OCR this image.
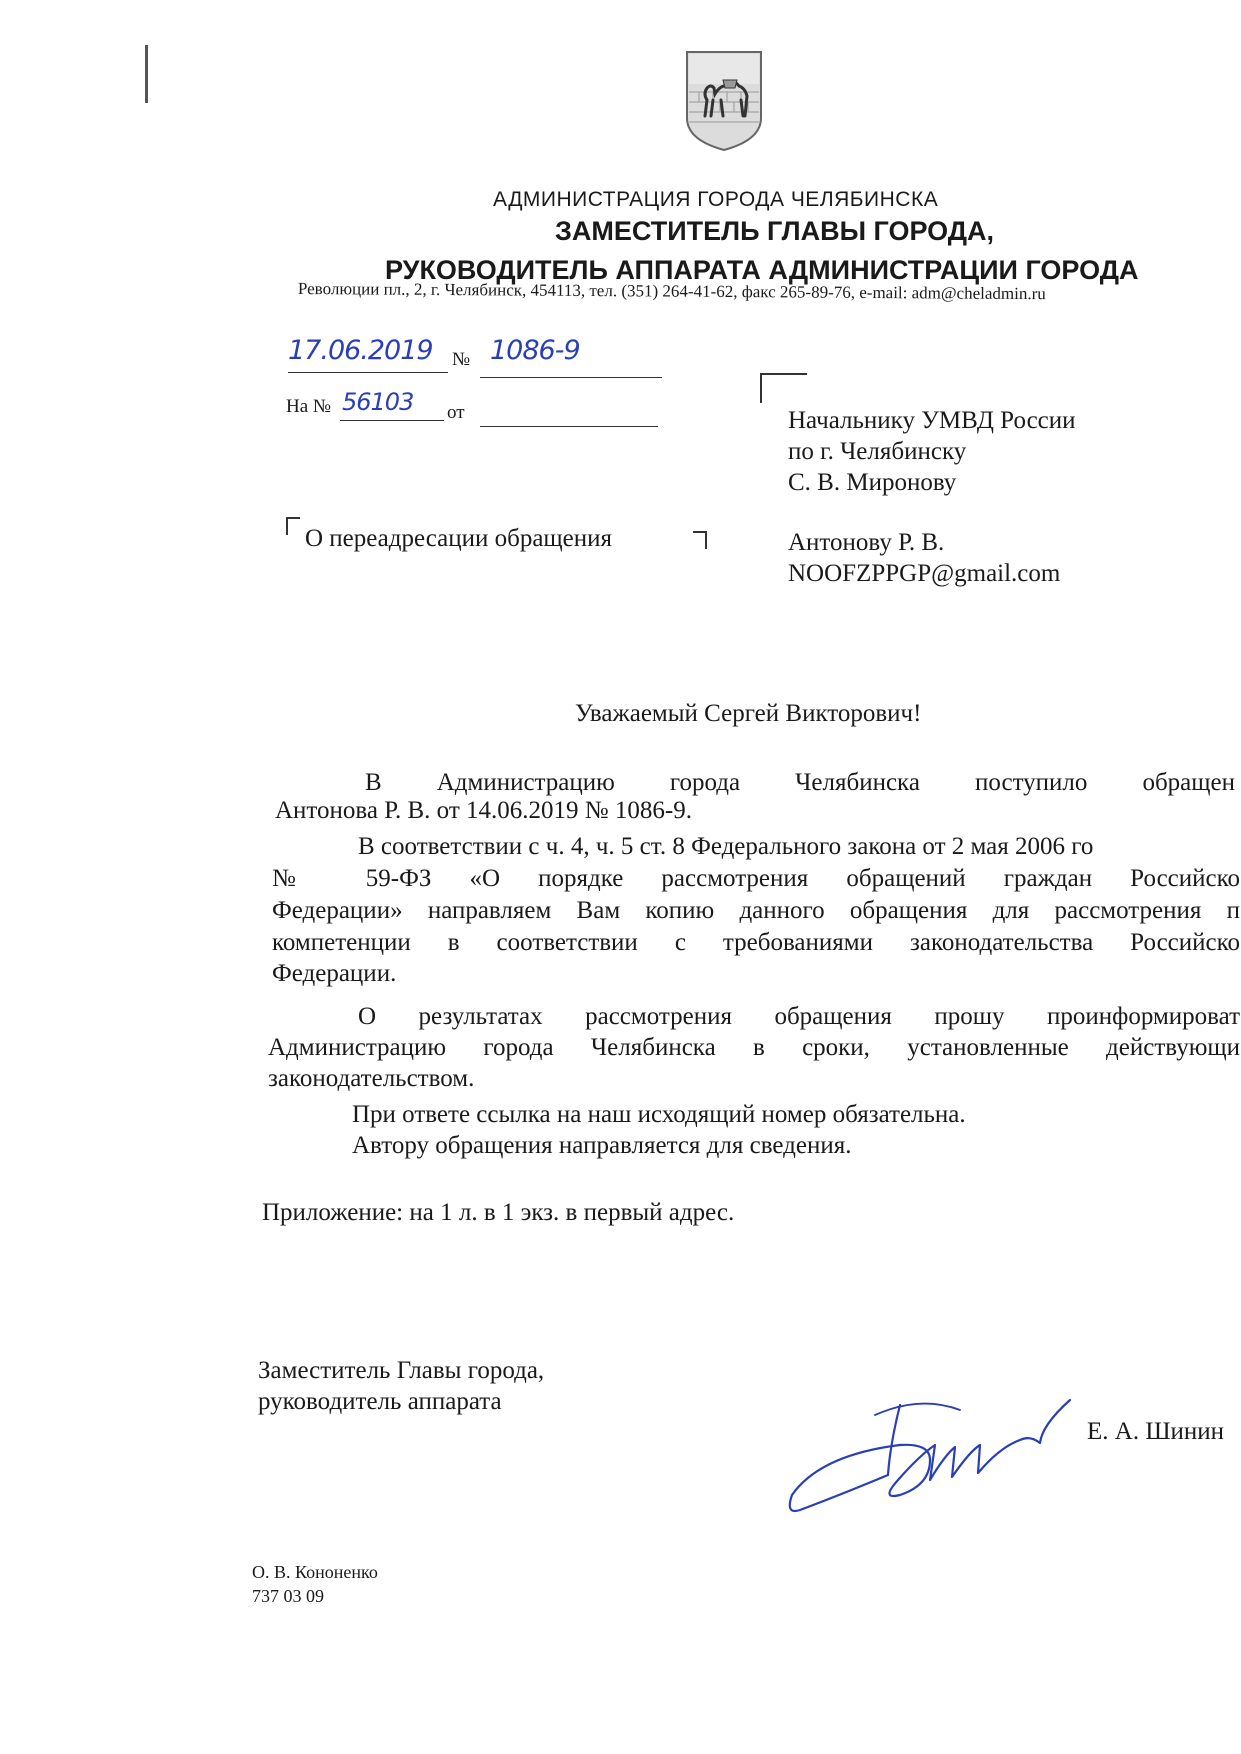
АДМИНИСТРАЦИЯ ГОРОДА ЧЕЛЯБИНСКА
ЗАМЕСТИТЕЛЬ ГЛАВЫ ГОРОДА,
РУКОВОДИТЕЛЬ АППАРАТА АДМИНИСТРАЦИИ ГОРОДА
Революции пл., 2, г. Челябинск, 454113, тел. (351) 264-41-62, факс 265-89-76, e-mail: adm@cheladmin.ru
17.06.2019 № 1086-9
На № 56103 от	Начальнику УМВД России
по г. Челябинску
С. В. Миронову
Антонову Р. В.
NOOFZPPGP@gmail.com
О переадресации обращения
Уважаемый Сергей Викторович!
В Администрацию города Челябинска поступило обращен
Антонова Р. В. от 14.06.2019 № 1086-9.
В соответствии с ч. 4, ч. 5 ст. 8 Федерального закона от 2 мая 2006 го
№ 59-ФЗ «О порядке рассмотрения обращений граждан Российско
Федерации» направляем Вам копию данного обращения для рассмотрения п
компетенции в соответствии с требованиями законодательства Российско
Федерации.
О результатах рассмотрения обращения прошу проинформироват
Администрацию города Челябинска в сроки, установленные действующи
законодательством.
При ответе ссылка на наш исходящий номер обязательна.
Автору обращения направляется для сведения.
Приложение: на 1 л. в 1 экз. в первый адрес.
Заместитель Главы города,
руководитель аппарата
Е. А. Шинин
О. В. Кононенко
737 03 09
